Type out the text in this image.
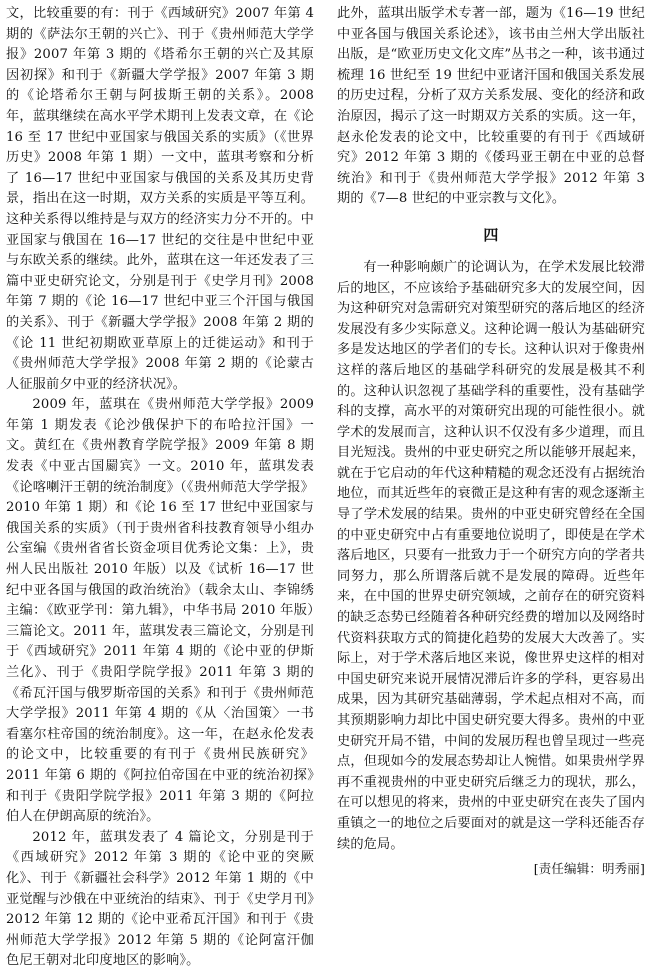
文，比较重要的有：刊于《西域研究》2007 年第 4 期的《萨法尔王朝的兴亡》、刊于《贵州师范大学学报》2007 年第 3 期的《塔希尔王朝的兴亡及其原因初探》和刊于《新疆大学学报》2007 年第 3 期的《论塔希尔王朝与阿拔斯王朝的关系》。2008 年，蓝琪继续在高水平学术期刊上发表文章，在《论 16 至 17 世纪中亚国家与俄国关系的实质》（《世界历史》2008 年第 1 期）一文中，蓝琪考察和分析了 16—17 世纪中亚国家与俄国的关系及其历史背景，指出在这一时期，双方关系的实质是平等互利。这种关系得以维持是与双方的经济实力分不开的。中亚国家与俄国在 16—17 世纪的交往是中世纪中亚与东欧关系的继续。此外，蓝琪在这一年还发表了三篇中亚史研究论文，分别是刊于《史学月刊》2008 年第 7 期的《论 16—17 世纪中亚三个汗国与俄国的关系》、刊于《新疆大学学报》2008 年第 2 期的《论 11 世纪初期欧亚草原上的迁徙运动》和刊于《贵州师范大学学报》2008 年第 2 期的《论蒙古人征服前夕中亚的经济状况》。

2009 年，蓝琪在《贵州师范大学学报》2009 年第 1 期发表《论沙俄保护下的布哈拉汗国》一文。黄红在《贵州教育学院学报》2009 年第 8 期发表《中亚古国罽宾》一文。2010 年，蓝琪发表《论喀喇汗王朝的统治制度》（《贵州师范大学学报》2010 年第 1 期）和《论 16 至 17 世纪中亚国家与俄国关系的实质》（刊于贵州省科技教育领导小组办公室编《贵州省省长资金项目优秀论文集：上》，贵州人民出版社 2010 年版）以及《试析 16—17 世纪中亚各国与俄国的政治统治》（载余太山、李锦绣主编：《欧亚学刊：第九辑》，中华书局 2010 年版）三篇论文。2011 年，蓝琪发表三篇论文，分别是刊于《西域研究》2011 年第 4 期的《论中亚的伊斯兰化》、刊于《贵阳学院学报》2011 年第 3 期的《希瓦汗国与俄罗斯帝国的关系》和刊于《贵州师范大学学报》2011 年第 4 期的《从〈治国策〉一书看塞尔柱帝国的统治制度》。这一年，在赵永伦发表的论文中，比较重要的有刊于《贵州民族研究》2011 年第 6 期的《阿拉伯帝国在中亚的统治初探》和刊于《贵阳学院学报》2011 年第 3 期的《阿拉伯人在伊朗高原的统治》。

2012 年，蓝琪发表了 4 篇论文，分别是刊于《西域研究》2012 年第 3 期的《论中亚的突厥化》、刊于《新疆社会科学》2012 年第 1 期的《中亚觉醒与沙俄在中亚统治的结束》、刊于《史学月刊》2012 年第 12 期的《论中亚希瓦汗国》和刊于《贵州师范大学学报》2012 年第 5 期的《论阿富汗伽色尼王朝对北印度地区的影响》。

此外，蓝琪出版学术专著一部，题为《16—19 世纪中亚各国与俄国关系论述》，该书由兰州大学出版社出版，是“欧亚历史文化文库”丛书之一种，该书通过梳理 16 世纪至 19 世纪中亚诸汗国和俄国关系发展的历史过程，分析了双方关系发展、变化的经济和政治原因，揭示了这一时期双方关系的实质。这一年，赵永伦发表的论文中，比较重要的有刊于《西域研究》2012 年第 3 期的《倭玛亚王朝在中亚的总督统治》和刊于《贵州师范大学学报》2012 年第 3 期的《7—8 世纪的中亚宗教与文化》。

四

有一种影响颇广的论调认为，在学术发展比较滞后的地区，不应该给予基础研究多大的发展空间，因为这种研究对急需研究对策型研究的落后地区的经济发展没有多少实际意义。这种论调一般认为基础研究多是发达地区的学者们的专长。这种认识对于像贵州这样的落后地区的基础学科研究的发展是极其不利的。这种认识忽视了基础学科的重要性，没有基础学科的支撑，高水平的对策研究出现的可能性很小。就学术的发展而言，这种认识不仅没有多少道理，而且目光短浅。贵州的中亚史研究之所以能够开展起来，就在于它启动的年代这种精糙的观念还没有占据统治地位，而其近些年的衰微正是这种有害的观念逐渐主导了学术发展的结果。贵州的中亚史研究曾经在全国的中亚史研究中占有重要地位说明了，即使是在学术落后地区，只要有一批致力于一个研究方向的学者共同努力，那么所谓落后就不是发展的障碍。近些年来，在中国的世界史研究领域，之前存在的研究资料的缺乏态势已经随着各种研究经费的增加以及网络时代资料获取方式的简捷化趋势的发展大大改善了。实际上，对于学术落后地区来说，像世界史这样的相对中国史研究来说开展情况滞后许多的学科，更容易出成果，因为其研究基础薄弱，学术起点相对不高，而其预期影响力却比中国史研究要大得多。贵州的中亚史研究开局不错，中间的发展历程也曾呈现过一些亮点，但现如今的发展态势却让人惋惜。如果贵州学界再不重视贵州的中亚史研究后继乏力的现状，那么，在可以想见的将来，贵州的中亚史研究在丧失了国内重镇之一的地位之后要面对的就是这一学科还能否存续的危局。

[责任编辑：明秀丽]
